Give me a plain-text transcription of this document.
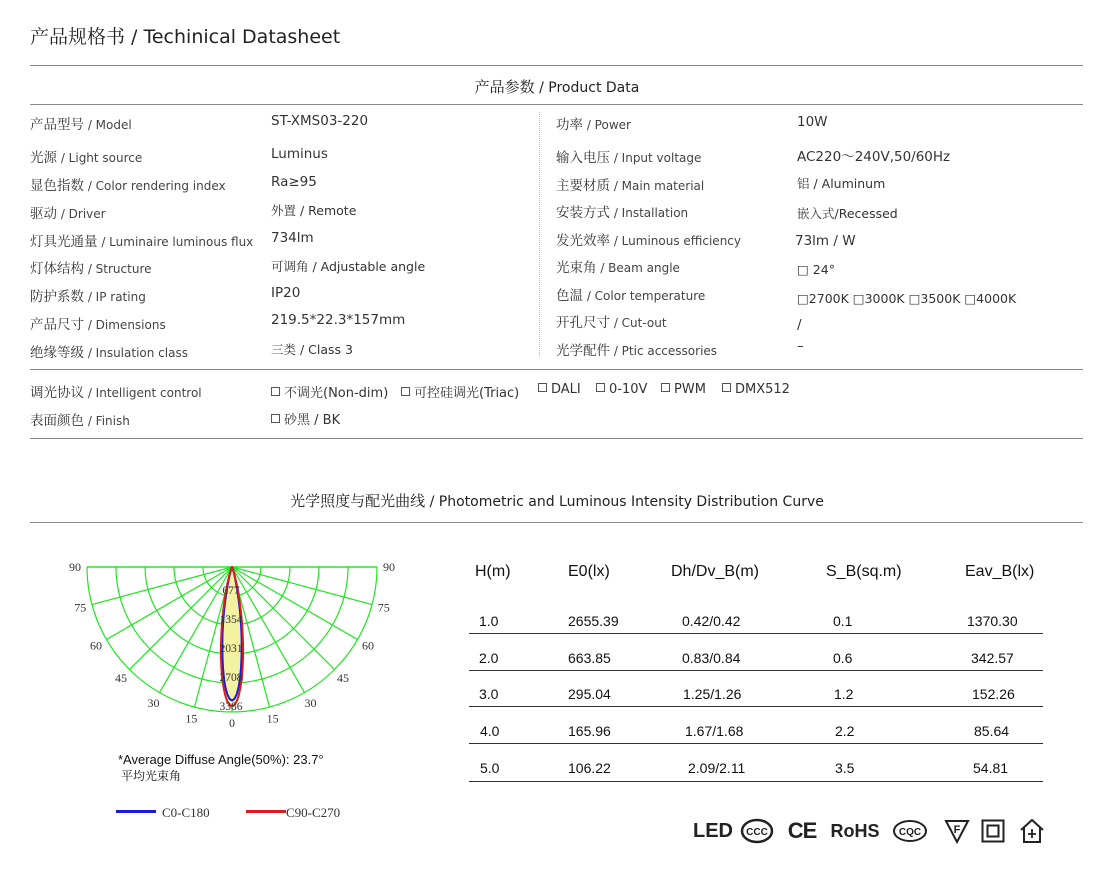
产品规格书 / Techinical Datasheet
产品参数 / Product Data
产品型号 / Model	ST-XMS03-220
光源 / Light source	Luminus
显色指数 / Color rendering index	Ra≥95
驱动 / Driver	外置 / Remote
灯具光通量 / Luminaire luminous flux 734lm
灯体结构 / Structure	可调角 / Adjustable angle
防护系数 / IP rating	IP20
产品尺寸 / Dimensions	219.5*22.3*157mm
绝缘等级 / Insulation class	三类 / Class 3
功率 / Power	10W
输入电压 / Input voltage	AC220～240V,50/60Hz
主要材质 / Main material	铝 / Aluminum
安装方式 / Installation	嵌入式/Recessed
发光效率 / Luminous efficiency	73lm / W
光束角 / Beam angle	□ 24°
色温 / Color temperature	□2700K □3000K □3500K □4000K
开孔尺寸 / Cut-out	/
光学配件 / Ptic accessories	–
调光协议 / Intelligent control	不调光(Non-dim)	可控硅调光(Triac)	DALI	0-10V	PWM	DMX512
表面颜色 / Finish	砂黑 / BK
光学照度与配光曲线 / Photometric and Luminous Intensity Distribution Curve
677
1354
2031
2708
3386
90
75
60
45
30
15	0	15
30
45
60
75
90
*Average Diffuse Angle(50%): 23.7°
平均光束角
C0-C180	C90-C270
H(m)	E0(lx)	Dh/Dv_B(m)	S_B(sq.m)	Eav_B(lx)
1.0	2655.39	0.42/0.42	0.1	1370.30
2.0	663.85	0.83/0.84	0.6	342.57
3.0	295.04	1.25/1.26	1.2	152.26
4.0	165.96	1.67/1.68	2.2	85.64
5.0	106.22	2.09/2.11	3.5	54.81
LED CCC CE RoHS CQC	F
